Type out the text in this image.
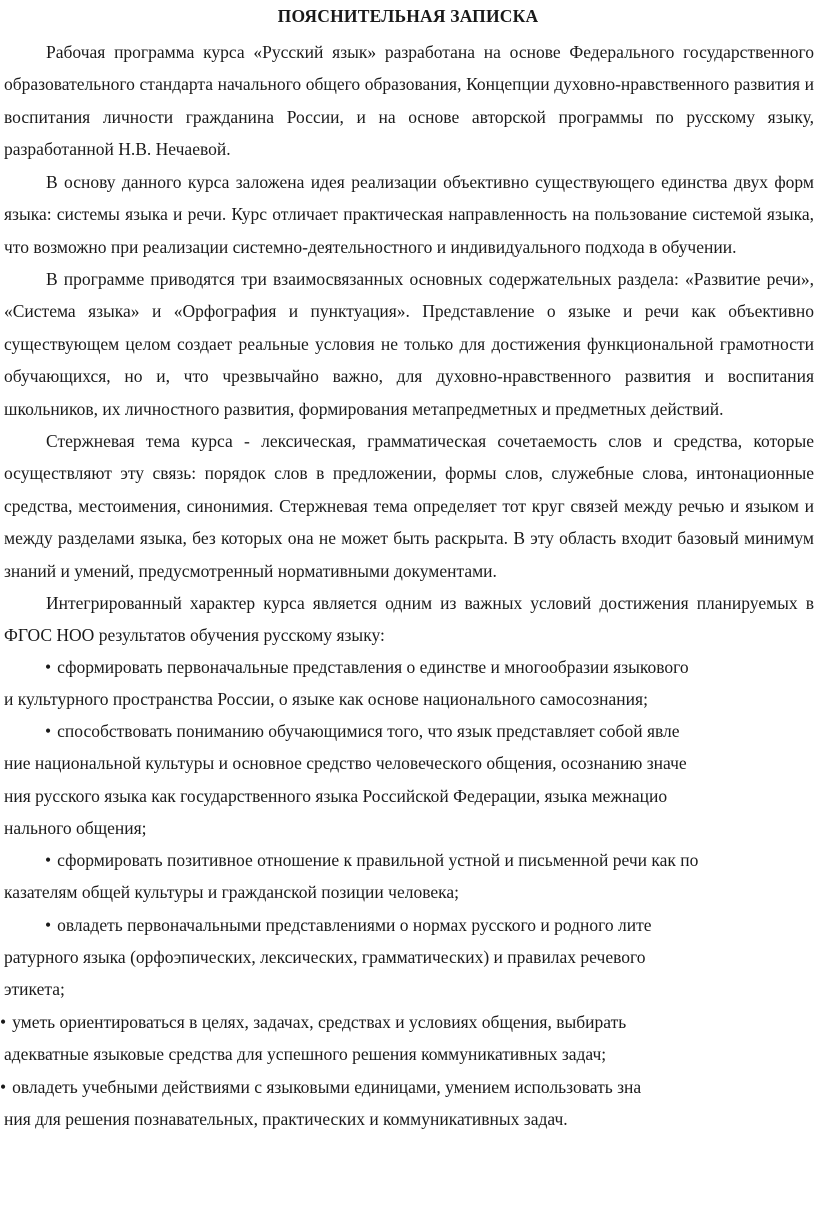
ПОЯСНИТЕЛЬНАЯ ЗАПИСКА

Рабочая программа курса «Русский язык» разработана на основе Федерального государственного образовательного стандарта начального общего образования, Концепции духовно-нравственного развития и воспитания личности гражданина России, и на основе авторской программы по русскому языку, разработанной Н.В. Нечаевой.

В основу данного курса заложена идея реализации объективно существующего единства двух форм языка: системы языка и речи. Курс отличает практическая направленность на пользование системой языка, что возможно при реализации системно-деятельностного и индивидуального подхода в обучении.

В программе приводятся три взаимосвязанных основных содержательных раздела: «Развитие речи», «Система языка» и «Орфография и пунктуация». Представление о языке и речи как объективно существующем целом создает реальные условия не только для достижения функциональной грамотности обучающихся, но и, что чрезвычайно важно, для духовно-нравственного развития и воспитания школьников, их личностного развития, формирования метапредметных и предметных действий.

Стержневая тема курса - лексическая, грамматическая сочетаемость слов и средства, которые осуществляют эту связь: порядок слов в предложении, формы слов, служебные слова, интонационные средства, местоимения, синонимия. Стержневая тема определяет тот круг связей между речью и языком и между разделами языка, без которых она не может быть раскрыта. В эту область входит базовый минимум знаний и умений, предусмотренный нормативными документами.

Интегрированный характер курса является одним из важных условий достижения планируемых в ФГОС НОО результатов обучения русскому языку:

• сформировать первоначальные представления о единстве и многообразии языкового
и культурного пространства России, о языке как основе национального самосознания;
• способствовать пониманию обучающимися того, что язык представляет собой явле
ние национальной культуры и основное средство человеческого общения, осознанию значе
ния русского языка как государственного языка Российской Федерации, языка межнацио
нального общения;
• сформировать позитивное отношение к правильной устной и письменной речи как по
казателям общей культуры и гражданской позиции человека;
• овладеть первоначальными представлениями о нормах русского и родного лите
ратурного языка (орфоэпических, лексических, грамматических) и правилах речевого
этикета;
• уметь ориентироваться в целях, задачах, средствах и условиях общения, выбирать
адекватные языковые средства для успешного решения коммуникативных задач;
• овладеть учебными действиями с языковыми единицами, умением использовать зна
ния для решения познавательных, практических и коммуникативных задач.
